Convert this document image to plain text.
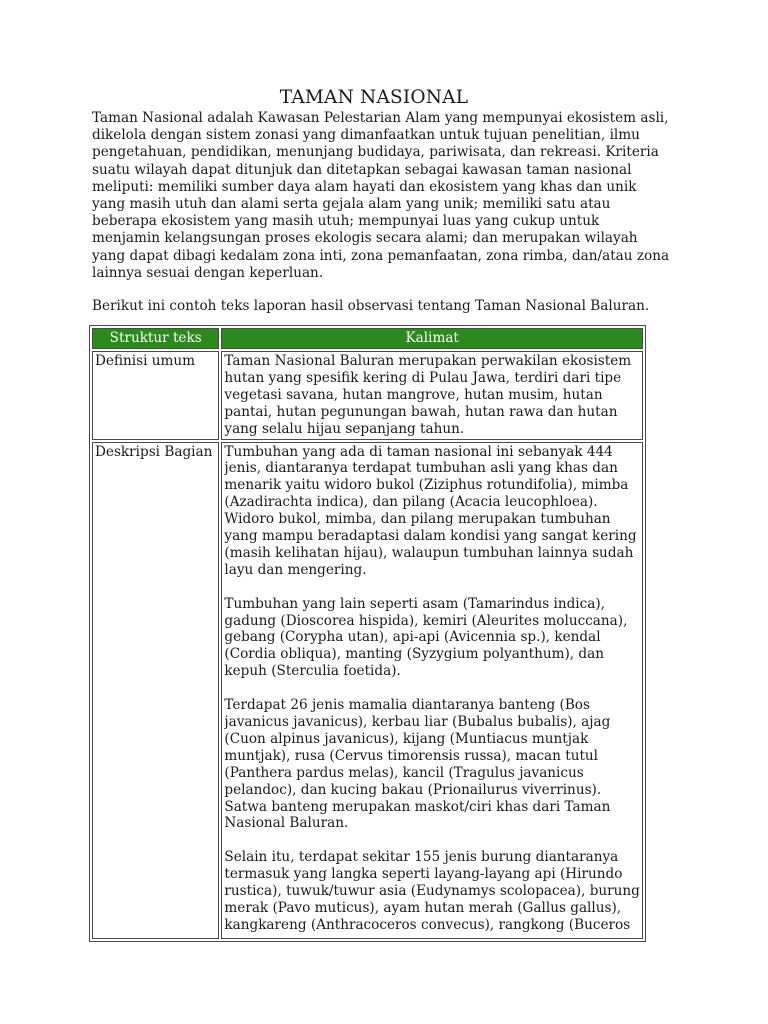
TAMAN NASIONAL

Taman Nasional adalah Kawasan Pelestarian Alam yang mempunyai ekosistem asli, dikelola dengan sistem zonasi yang dimanfaatkan untuk tujuan penelitian, ilmu pengetahuan, pendidikan, menunjang budidaya, pariwisata, dan rekreasi. Kriteria suatu wilayah dapat ditunjuk dan ditetapkan sebagai kawasan taman nasional meliputi: memiliki sumber daya alam hayati dan ekosistem yang khas dan unik yang masih utuh dan alami serta gejala alam yang unik; memiliki satu atau beberapa ekosistem yang masih utuh; mempunyai luas yang cukup untuk menjamin kelangsungan proses ekologis secara alami; dan merupakan wilayah yang dapat dibagi kedalam zona inti, zona pemanfaatan, zona rimba, dan/atau zona lainnya sesuai dengan keperluan.

Berikut ini contoh teks laporan hasil observasi tentang Taman Nasional Baluran.

Struktur teks	Kalimat
Definisi umum	Taman Nasional Baluran merupakan perwakilan ekosistem hutan yang spesifik kering di Pulau Jawa, terdiri dari tipe vegetasi savana, hutan mangrove, hutan musim, hutan pantai, hutan pegunungan bawah, hutan rawa dan hutan yang selalu hijau sepanjang tahun.

Deskripsi Bagian	Tumbuhan yang ada di taman nasional ini sebanyak 444 jenis, diantaranya terdapat tumbuhan asli yang khas dan menarik yaitu widoro bukol (Ziziphus rotundifolia), mimba (Azadirachta indica), dan pilang (Acacia leucophloea). Widoro bukol, mimba, dan pilang merupakan tumbuhan yang mampu beradaptasi dalam kondisi yang sangat kering (masih kelihatan hijau), walaupun tumbuhan lainnya sudah layu dan mengering.

Tumbuhan yang lain seperti asam (Tamarindus indica), gadung (Dioscorea hispida), kemiri (Aleurites moluccana), gebang (Corypha utan), api-api (Avicennia sp.), kendal (Cordia obliqua), manting (Syzygium polyanthum), dan kepuh (Sterculia foetida).

Terdapat 26 jenis mamalia diantaranya banteng (Bos javanicus javanicus), kerbau liar (Bubalus bubalis), ajag (Cuon alpinus javanicus), kijang (Muntiacus muntjak muntjak), rusa (Cervus timorensis russa), macan tutul (Panthera pardus melas), kancil (Tragulus javanicus pelandoc), dan kucing bakau (Prionailurus viverrinus). Satwa banteng merupakan maskot/ciri khas dari Taman Nasional Baluran.

Selain itu, terdapat sekitar 155 jenis burung diantaranya termasuk yang langka seperti layang-layang api (Hirundo rustica), tuwuk/tuwur asia (Eudynamys scolopacea), burung merak (Pavo muticus), ayam hutan merah (Gallus gallus), kangkareng (Anthracoceros convecus), rangkong (Buceros
